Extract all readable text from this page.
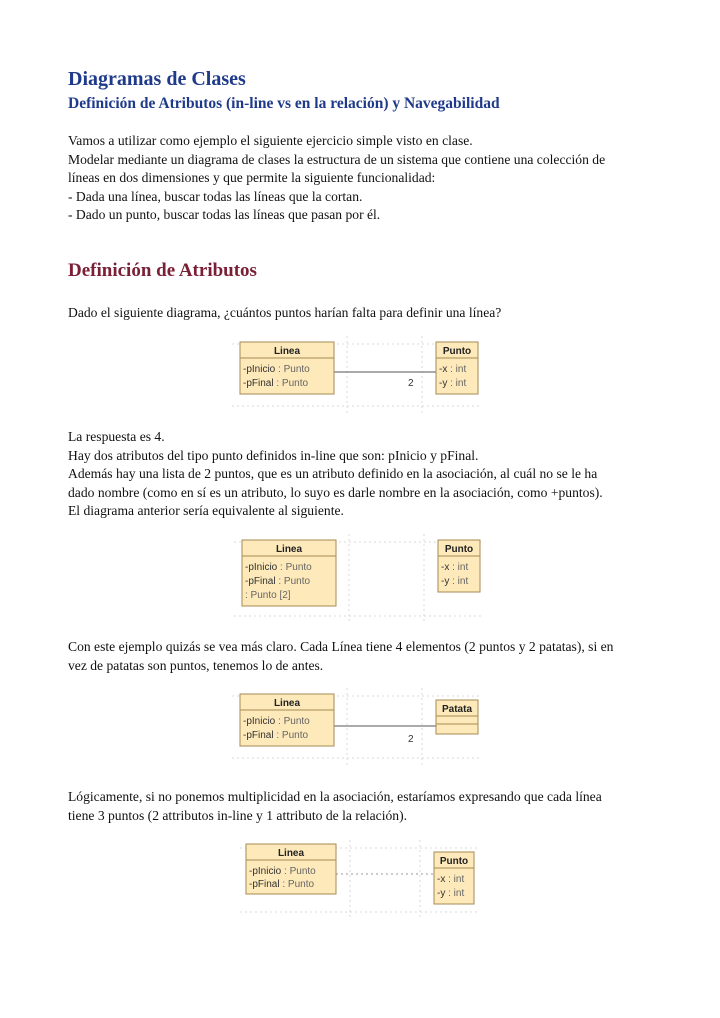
Diagramas de Clases
Definición de Atributos (in-line vs en la relación) y Navegabilidad
Vamos a utilizar como ejemplo el siguiente ejercicio simple visto en clase.
Modelar mediante un diagrama de clases la estructura de un sistema que contiene una colección de
líneas en dos dimensiones y que permite la siguiente funcionalidad:
- Dada una línea, buscar todas las líneas que la cortan.
- Dado un punto, buscar todas las líneas que pasan por él.
Definición de Atributos
Dado el siguiente diagrama, ¿cuántos puntos harían falta para definir una línea?
2
Linea
-pInicio : Punto
-pFinal : Punto
Punto
-x : int
-y : int
La respuesta es 4.
Hay dos atributos del tipo punto definidos in-line que son: pInicio y pFinal.
Además hay una lista de 2 puntos, que es un atributo definido en la asociación, al cuál no se le ha
dado nombre (como en sí es un atributo, lo suyo es darle nombre en la asociación, como +puntos).
El diagrama anterior sería equivalente al siguiente.
Linea
-pInicio : Punto
-pFinal : Punto
: Punto [2]
Punto
-x : int
-y : int
Con este ejemplo quizás se vea más claro. Cada Línea tiene 4 elementos (2 puntos y 2 patatas), si en
vez de patatas son puntos, tenemos lo de antes.
2
Linea
-pInicio : Punto
-pFinal : Punto
Patata
Lógicamente, si no ponemos multiplicidad en la asociación, estaríamos expresando que cada línea
tiene 3 puntos (2 attributos in-line y 1 attributo de la relación).
Linea
-pInicio : Punto
-pFinal : Punto
Punto
-x : int
-y : int
